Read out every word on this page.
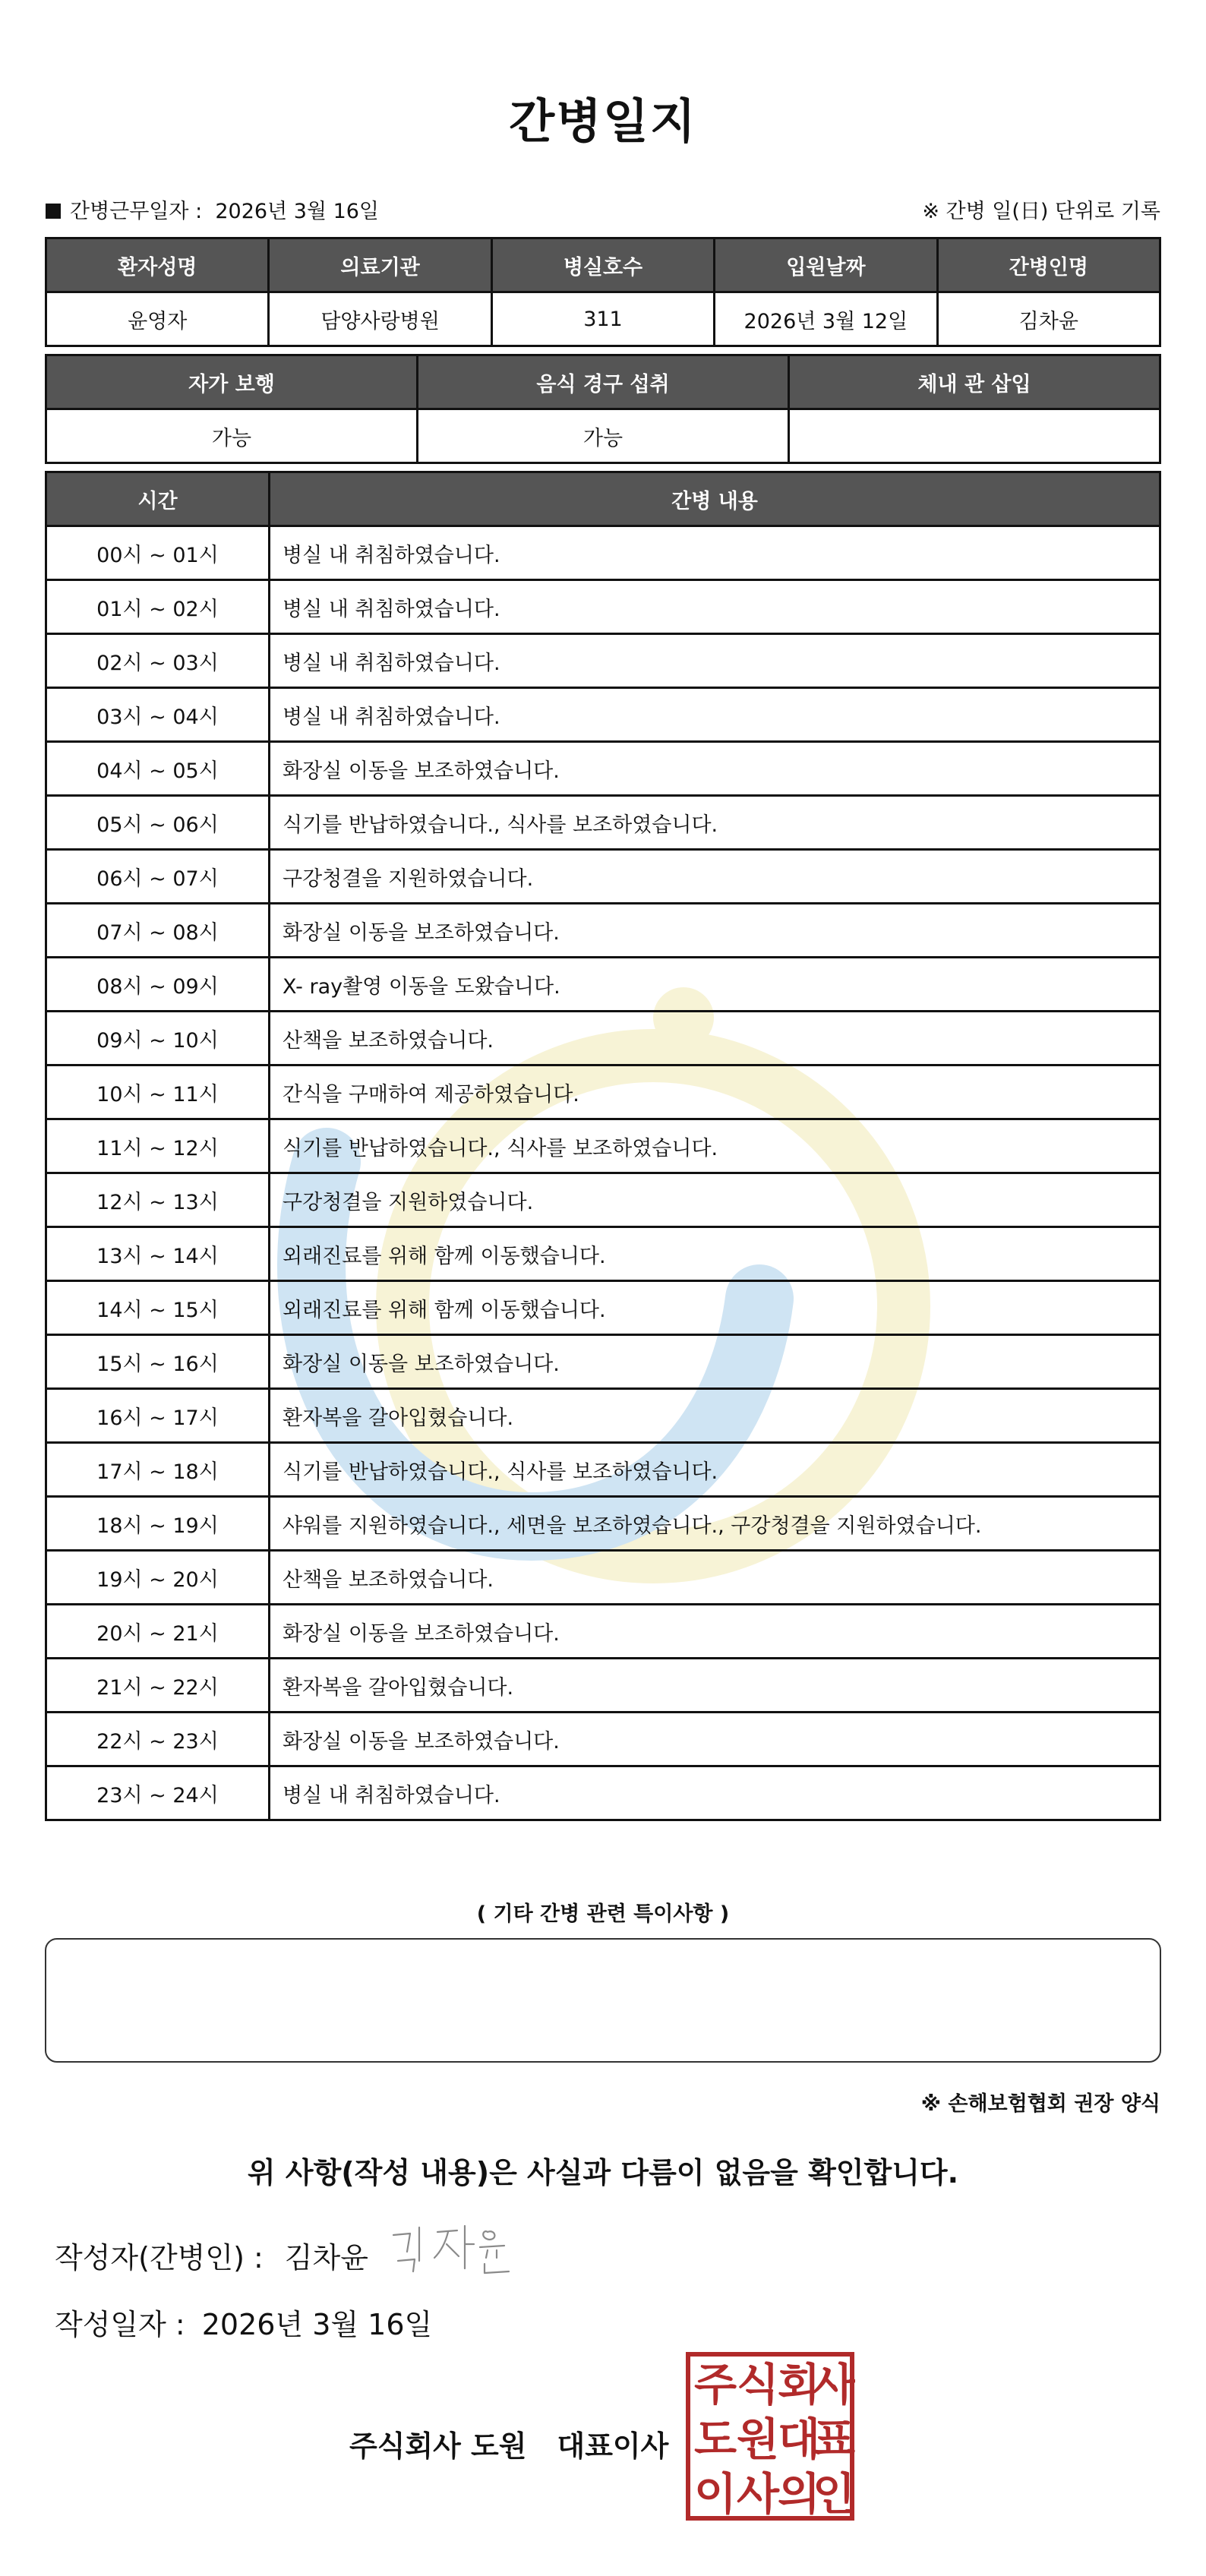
간병일지
간병근무일자 : 2026년 3월 16일	※ 간병 일(日) 단위로 기록
환자성명	의료기관	병실호수	입원날짜	간병인명
윤영자	담양사랑병원	311	2026년 3월 12일	김차윤
자가 보행	음식 경구 섭취	체내 관 삽입
가능	가능	
시간	간병 내용
00시 ~ 01시	병실 내 취침하였습니다.
01시 ~ 02시	병실 내 취침하였습니다.
02시 ~ 03시	병실 내 취침하였습니다.
03시 ~ 04시	병실 내 취침하였습니다.
04시 ~ 05시	화장실 이동을 보조하였습니다.
05시 ~ 06시	식기를 반납하였습니다., 식사를 보조하였습니다.
06시 ~ 07시	구강청결을 지원하였습니다.
07시 ~ 08시	화장실 이동을 보조하였습니다.
08시 ~ 09시	X- ray촬영 이동을 도왔습니다.
09시 ~ 10시	산책을 보조하였습니다.
10시 ~ 11시	간식을 구매하여 제공하였습니다.
11시 ~ 12시	식기를 반납하였습니다., 식사를 보조하였습니다.
12시 ~ 13시	구강청결을 지원하였습니다.
13시 ~ 14시	외래진료를 위해 함께 이동했습니다.
14시 ~ 15시	외래진료를 위해 함께 이동했습니다.
15시 ~ 16시	화장실 이동을 보조하였습니다.
16시 ~ 17시	환자복을 갈아입혔습니다.
17시 ~ 18시	식기를 반납하였습니다., 식사를 보조하였습니다.
18시 ~ 19시	샤워를 지원하였습니다., 세면을 보조하였습니다., 구강청결을 지원하였습니다.
19시 ~ 20시	산책을 보조하였습니다.
20시 ~ 21시	화장실 이동을 보조하였습니다.
21시 ~ 22시	환자복을 갈아입혔습니다.
22시 ~ 23시	화장실 이동을 보조하였습니다.
23시 ~ 24시	병실 내 취침하였습니다.
( 기타 간병 관련 특이사항 )
※ 손해보험협회 권장 양식
위 사항(작성 내용)은 사실과 다름이 없음을 확인합니다.
작성자(간병인) : 김차윤
작성일자 : 2026년 3월 16일
주식회사 도원 대표이사
주 식
회
사
도 원
대
표
이 사
의
인
